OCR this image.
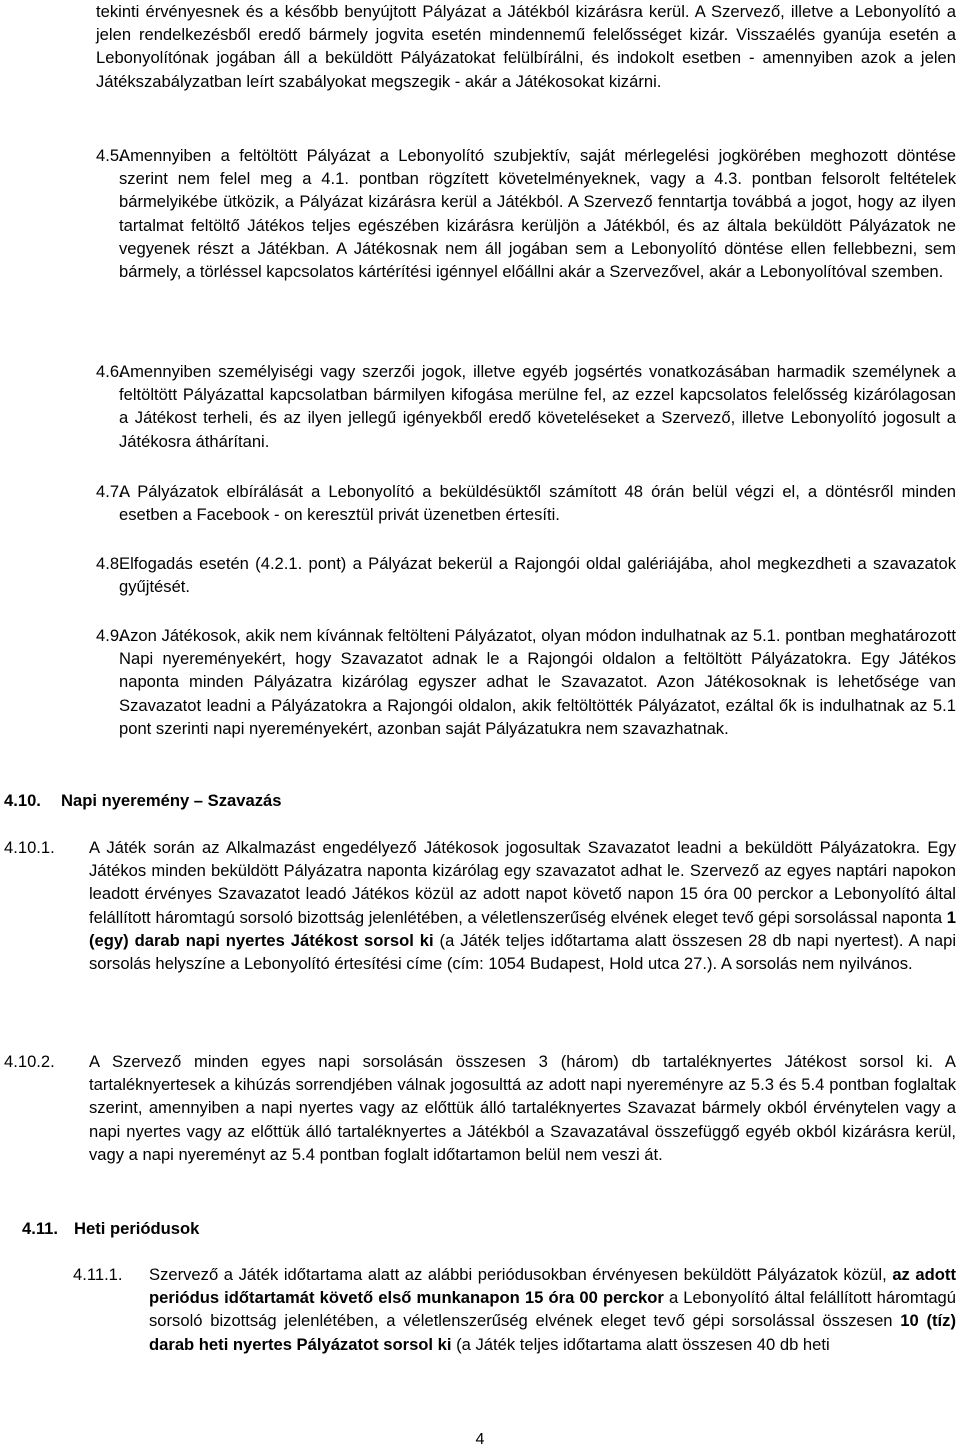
tekinti érvényesnek és a később benyújtott Pályázat a Játékból kizárásra kerül. A Szervező, illetve a Lebonyolító a jelen rendelkezésből eredő bármely jogvita esetén mindennemű felelősséget kizár. Visszaélés gyanúja esetén a Lebonyolítónak jogában áll a beküldött Pályázatokat felülbírálni, és indokolt esetben - amennyiben azok a jelen Játékszabályzatban leírt szabályokat megszegik - akár a Játékosokat kizárni.
4.5.
Amennyiben a feltöltött Pályázat a Lebonyolító szubjektív, saját mérlegelési jogkörében meghozott döntése szerint nem felel meg a 4.1. pontban rögzített követelményeknek, vagy a 4.3. pontban felsorolt feltételek bármelyikébe ütközik, a Pályázat kizárásra kerül a Játékból. A Szervező fenntartja továbbá a jogot, hogy az ilyen tartalmat feltöltő Játékos teljes egészében kizárásra kerüljön a Játékból, és az általa beküldött Pályázatok ne vegyenek részt a Játékban. A Játékosnak nem áll jogában sem a Lebonyolító döntése ellen fellebbezni, sem bármely, a törléssel kapcsolatos kártérítési igénnyel előállni akár a Szervezővel, akár a Lebonyolítóval szemben.
4.6.
Amennyiben személyiségi vagy szerzői jogok, illetve egyéb jogsértés vonatkozásában harmadik személynek a feltöltött Pályázattal kapcsolatban bármilyen kifogása merülne fel, az ezzel kapcsolatos felelősség kizárólagosan a Játékost terheli, és az ilyen jellegű igényekből eredő követeléseket a Szervező, illetve Lebonyolító jogosult a Játékosra áthárítani.
4.7.
A Pályázatok elbírálását a Lebonyolító a beküldésüktől számított 48 órán belül végzi el, a döntésről minden esetben a Facebook - on keresztül privát üzenetben értesíti.
4.8.
Elfogadás esetén (4.2.1. pont) a Pályázat bekerül a Rajongói oldal galériájába, ahol megkezdheti a szavazatok gyűjtését.
4.9.
Azon Játékosok, akik nem kívánnak feltölteni Pályázatot, olyan módon indulhatnak az 5.1. pontban meghatározott Napi nyereményekért, hogy Szavazatot adnak le a Rajongói oldalon a feltöltött Pályázatokra. Egy Játékos naponta minden Pályázatra kizárólag egyszer adhat le Szavazatot. Azon Játékosoknak is lehetősége van Szavazatot leadni a Pályázatokra a Rajongói oldalon, akik feltöltötték Pályázatot, ezáltal ők is indulhatnak az 5.1 pont szerinti napi nyereményekért, azonban saját Pályázatukra nem szavazhatnak.
4.10.	Napi nyeremény – Szavazás
4.10.1.	A Játék során az Alkalmazást engedélyező Játékosok jogosultak Szavazatot leadni a beküldött Pályázatokra. Egy Játékos minden beküldött Pályázatra naponta kizárólag egy szavazatot adhat le. Szervező az egyes naptári napokon leadott érvényes Szavazatot leadó Játékos közül az adott napot követő napon 15 óra 00 perckor a Lebonyolító által felállított háromtagú sorsoló bizottság jelenlétében, a véletlenszerűség elvének eleget tevő gépi sorsolással naponta 1 (egy) darab napi nyertes Játékost sorsol ki (a Játék teljes időtartama alatt összesen 28 db napi nyertest). A napi sorsolás helyszíne a Lebonyolító értesítési címe (cím: 1054 Budapest, Hold utca 27.). A sorsolás nem nyilvános.
4.10.2.	A Szervező minden egyes napi sorsolásán összesen 3 (három) db tartaléknyertes Játékost sorsol ki. A tartaléknyertesek a kihúzás sorrendjében válnak jogosulttá az adott napi nyereményre az 5.3 és 5.4 pontban foglaltak szerint, amennyiben a napi nyertes vagy az előttük álló tartaléknyertes Szavazat bármely okból érvénytelen vagy a napi nyertes vagy az előttük álló tartaléknyertes a Játékból a Szavazatával összefüggő egyéb okból kizárásra kerül, vagy a napi nyereményt az 5.4 pontban foglalt időtartamon belül nem veszi át.
4.11. Heti periódusok
4.11.1.	Szervező a Játék időtartama alatt az alábbi periódusokban érvényesen beküldött Pályázatok közül, az adott periódus időtartamát követő első munkanapon 15 óra 00 perckor a Lebonyolító által felállított háromtagú sorsoló bizottság jelenlétében, a véletlenszerűség elvének eleget tevő gépi sorsolással összesen 10 (tíz) darab heti nyertes Pályázatot sorsol ki (a Játék teljes időtartama alatt összesen 40 db heti
4
